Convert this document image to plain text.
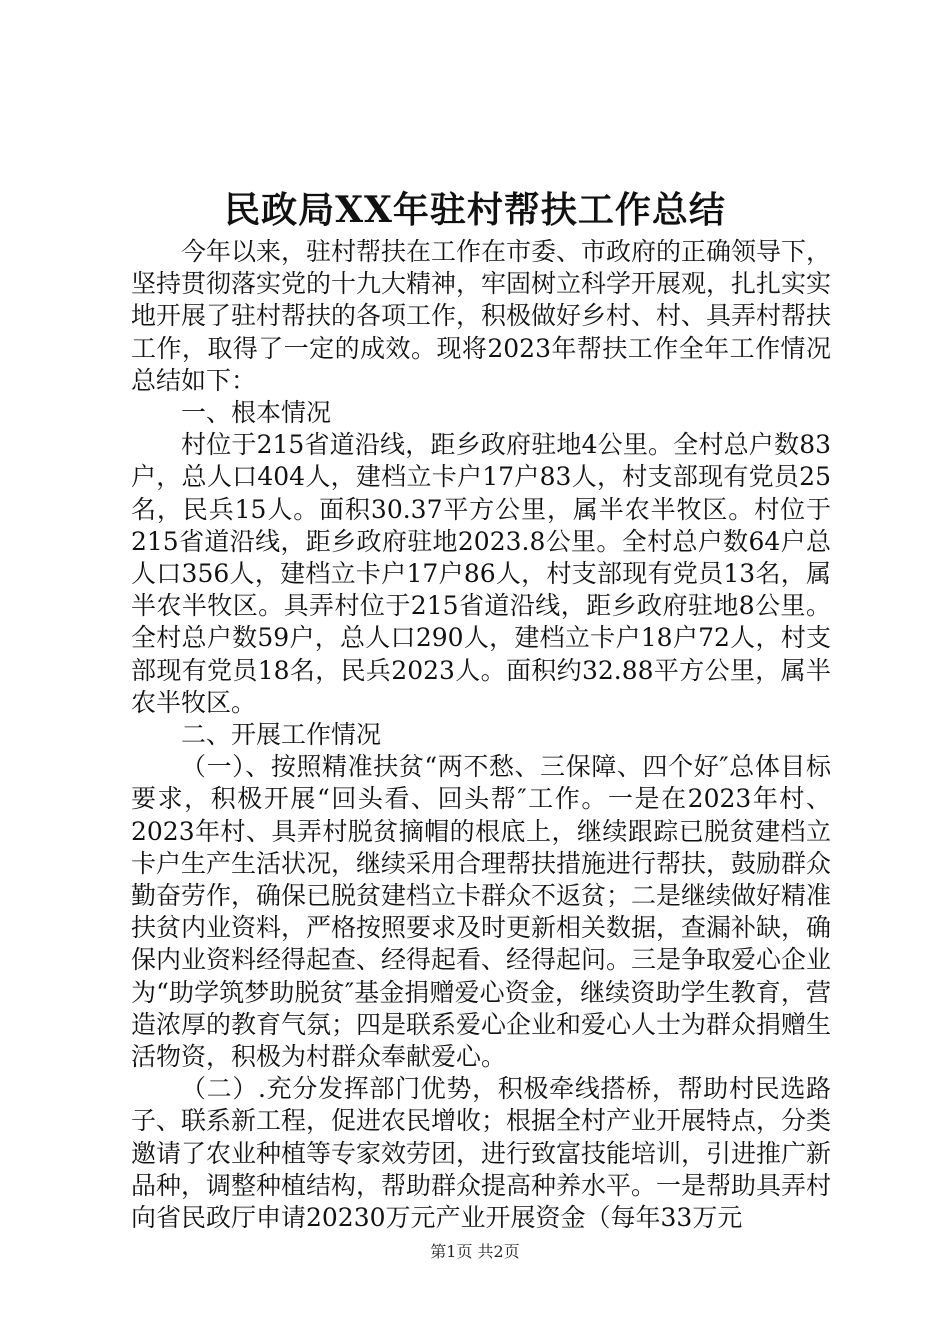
民政局XX年驻村帮扶工作总结

今年以来，驻村帮扶在工作在市委、市政府的正确领导下，坚持贯彻落实党的十九大精神，牢固树立科学开展观，扎扎实实地开展了驻村帮扶的各项工作，积极做好乡村、村、具弄村帮扶工作，取得了一定的成效。现将2023年帮扶工作全年工作情况总结如下：

一、根本情况

村位于215省道沿线，距乡政府驻地4公里。全村总户数83户，总人口404人，建档立卡户17户83人，村支部现有党员25名，民兵15人。面积30.37平方公里，属半农半牧区。村位于215省道沿线，距乡政府驻地2023.8公里。全村总户数64户总人口356人，建档立卡户17户86人，村支部现有党员13名，属半农半牧区。具弄村位于215省道沿线，距乡政府驻地8公里。全村总户数59户，总人口290人，建档立卡户18户72人，村支部现有党员18名，民兵2023人。面积约32.88平方公里，属半农半牧区。

二、开展工作情况

（一）、按照精准扶贫“两不愁、三保障、四个好″总体目标要求，积极开展“回头看、回头帮″工作。一是在2023年村、2023年村、具弄村脱贫摘帽的根底上，继续跟踪已脱贫建档立卡户生产生活状况，继续采用合理帮扶措施进行帮扶，鼓励群众勤奋劳作，确保已脱贫建档立卡群众不返贫；二是继续做好精准扶贫内业资料，严格按照要求及时更新相关数据，查漏补缺，确保内业资料经得起查、经得起看、经得起问。三是争取爱心企业为“助学筑梦助脱贫″基金捐赠爱心资金，继续资助学生教育，营造浓厚的教育气氛；四是联系爱心企业和爱心人士为群众捐赠生活物资，积极为村群众奉献爱心。

（二）.充分发挥部门优势，积极牵线搭桥，帮助村民选路子、联系新工程，促进农民增收；根据全村产业开展特点，分类邀请了农业种植等专家效劳团，进行致富技能培训，引进推广新品种，调整种植结构，帮助群众提高种养水平。一是帮助具弄村向省民政厅申请20230万元产业开展资金（每年33万元

第1页 共2页
